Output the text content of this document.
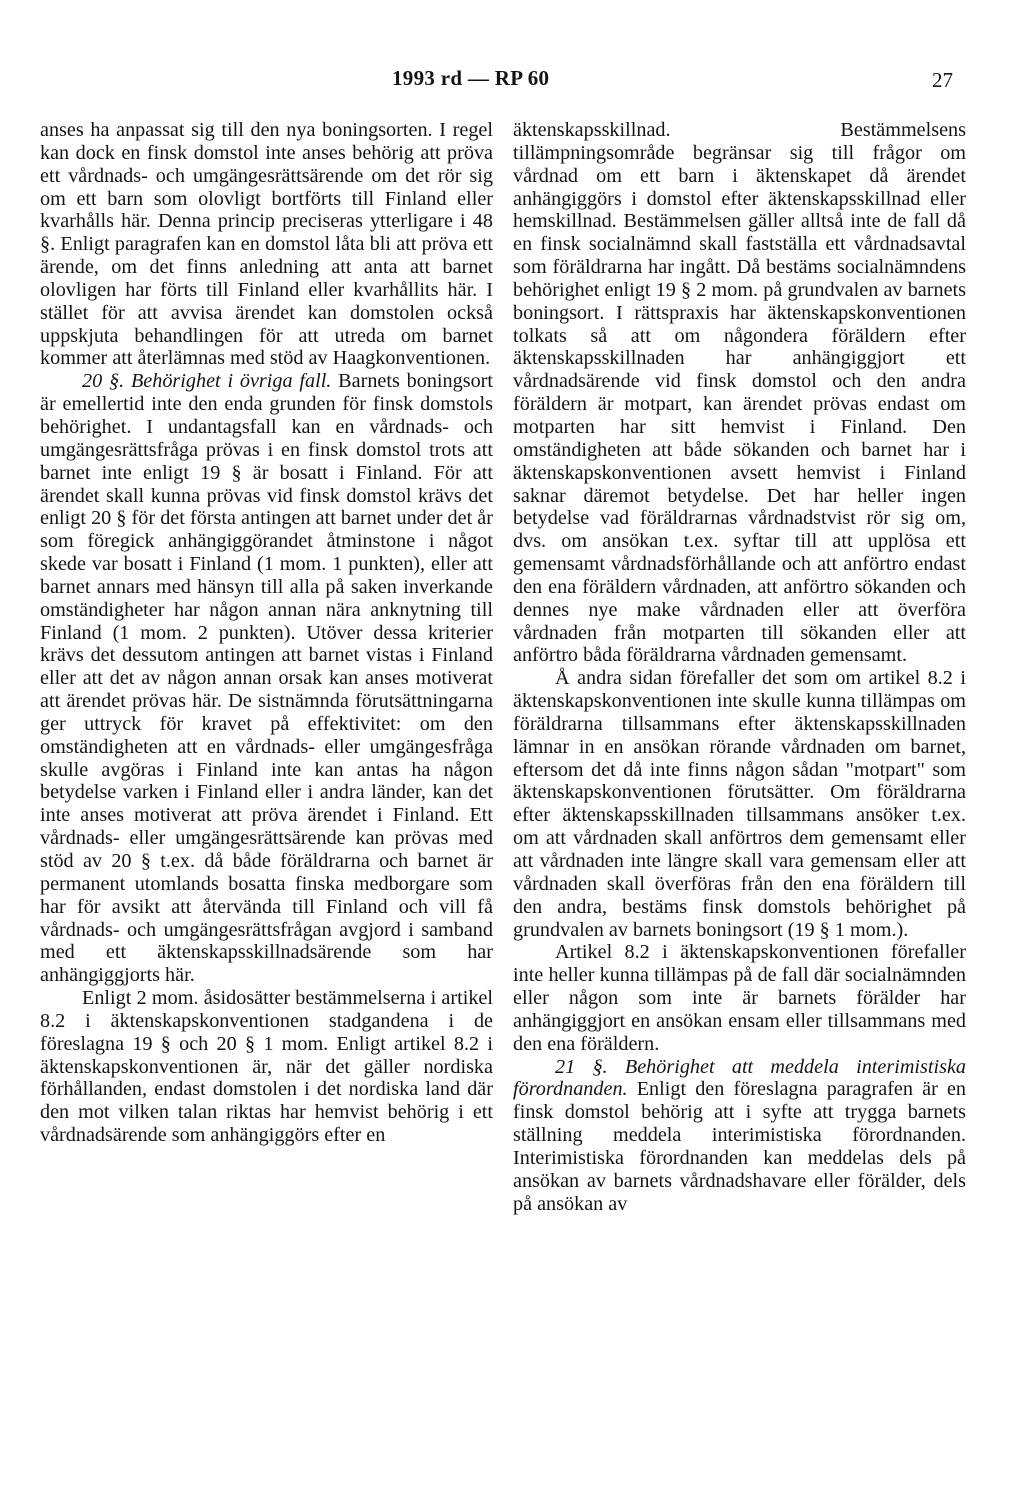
1993 rd — RP 60	27

anses ha anpassat sig till den nya boningsorten. I regel kan dock en finsk domstol inte anses behörig att pröva ett vårdnads- och umgängesrättsärende om det rör sig om ett barn som olovligt bortförts till Finland eller kvarhålls här. Denna princip preciseras ytterligare i 48 §. Enligt paragrafen kan en domstol låta bli att pröva ett ärende, om det finns anledning att anta att barnet olovligen har förts till Finland eller kvarhållits här. I stället för att avvisa ärendet kan domstolen också uppskjuta behandlingen för att utreda om barnet kommer att återlämnas med stöd av Haagkonventionen.

20 §. Behörighet i övriga fall. Barnets boningsort är emellertid inte den enda grunden för finsk domstols behörighet. I undantagsfall kan en vårdnads- och umgängesrättsfråga prövas i en finsk domstol trots att barnet inte enligt 19 § är bosatt i Finland. För att ärendet skall kunna prövas vid finsk domstol krävs det enligt 20 § för det första antingen att barnet under det år som föregick anhängiggörandet åtminstone i något skede var bosatt i Finland (1 mom. 1 punkten), eller att barnet annars med hänsyn till alla på saken inverkande omständigheter har någon annan nära anknytning till Finland (1 mom. 2 punkten). Utöver dessa kriterier krävs det dessutom antingen att barnet vistas i Finland eller att det av någon annan orsak kan anses motiverat att ärendet prövas här. De sistnämnda förutsättningarna ger uttryck för kravet på effektivitet: om den omständigheten att en vårdnads- eller umgängesfråga skulle avgöras i Finland inte kan antas ha någon betydelse varken i Finland eller i andra länder, kan det inte anses motiverat att pröva ärendet i Finland. Ett vårdnads- eller umgängesrättsärende kan prövas med stöd av 20 § t.ex. då både föräldrarna och barnet är permanent utomlands bosatta finska medborgare som har för avsikt att återvända till Finland och vill få vårdnads- och umgängesrättsfrågan avgjord i samband med ett äktenskapsskillnadsärende som har anhängiggjorts här.

Enligt 2 mom. åsidosätter bestämmelserna i artikel 8.2 i äktenskapskonventionen stadgandena i de föreslagna 19 § och 20 § 1 mom. Enligt artikel 8.2 i äktenskapskonventionen är, när det gäller nordiska förhållanden, endast domstolen i det nordiska land där den mot vilken talan riktas har hemvist behörig i ett vårdnadsärende som anhängiggörs efter en

äktenskapsskillnad. Bestämmelsens tillämpningsområde begränsar sig till frågor om vårdnad om ett barn i äktenskapet då ärendet anhängiggörs i domstol efter äktenskapsskillnad eller hemskillnad. Bestämmelsen gäller alltså inte de fall då en finsk socialnämnd skall fastställa ett vårdnadsavtal som föräldrarna har ingått. Då bestäms socialnämndens behörighet enligt 19 § 2 mom. på grundvalen av barnets boningsort. I rättspraxis har äktenskapskonventionen tolkats så att om någondera föräldern efter äktenskapsskillnaden har anhängiggjort ett vårdnadsärende vid finsk domstol och den andra föräldern är motpart, kan ärendet prövas endast om motparten har sitt hemvist i Finland. Den omständigheten att både sökanden och barnet har i äktenskapskonventionen avsett hemvist i Finland saknar däremot betydelse. Det har heller ingen betydelse vad föräldrarnas vårdnadstvist rör sig om, dvs. om ansökan t.ex. syftar till att upplösa ett gemensamt vårdnadsförhållande och att anförtro endast den ena föräldern vårdnaden, att anförtro sökanden och dennes nye make vårdnaden eller att överföra vårdnaden från motparten till sökanden eller att anförtro båda föräldrarna vårdnaden gemensamt.

Å andra sidan förefaller det som om artikel 8.2 i äktenskapskonventionen inte skulle kunna tillämpas om föräldrarna tillsammans efter äktenskapsskillnaden lämnar in en ansökan rörande vårdnaden om barnet, eftersom det då inte finns någon sådan "motpart" som äktenskapskonventionen förutsätter. Om föräldrarna efter äktenskapsskillnaden tillsammans ansöker t.ex. om att vårdnaden skall anförtros dem gemensamt eller att vårdnaden inte längre skall vara gemensam eller att vårdnaden skall överföras från den ena föräldern till den andra, bestäms finsk domstols behörighet på grundvalen av barnets boningsort (19 § 1 mom.).

Artikel 8.2 i äktenskapskonventionen förefaller inte heller kunna tillämpas på de fall där socialnämnden eller någon som inte är barnets förälder har anhängiggjort en ansökan ensam eller tillsammans med den ena föräldern.

21 §. Behörighet att meddela interimistiska förordnanden. Enligt den föreslagna paragrafen är en finsk domstol behörig att i syfte att trygga barnets ställning meddela interimistiska förordnanden. Interimistiska förordnanden kan meddelas dels på ansökan av barnets vårdnadshavare eller förälder, dels på ansökan av
